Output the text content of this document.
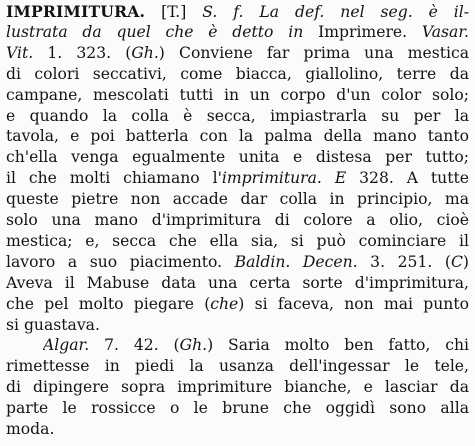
IMPRIMITURA. [T.] S. f. La def. nel seg. è il-
lustrata da quel che è detto in Imprimere. Vasar.
Vit. 1. 323. (Gh.) Conviene far prima una mestica
di colori seccativi, come biacca, giallolino, terre da
campane, mescolati tutti in un corpo d'un color solo;
e quando la colla è secca, impiastrarla su per la
tavola, e poi batterla con la palma della mano tanto
ch'ella venga egualmente unita e distesa per tutto;
il che molti chiamano l'imprimitura. E 328. A tutte
queste pietre non accade dar colla in principio, ma
solo una mano d'imprimitura di colore a olio, cioè
mestica; e, secca che ella sia, si può cominciare il
lavoro a suo piacimento. Baldin. Decen. 3. 251. (C)
Aveva il Mabuse data una certa sorte d'imprimitura,
che pel molto piegare (che) si faceva, non mai punto
si guastava.
Algar. 7. 42. (Gh.) Saria molto ben fatto, chi
rimettesse in piedi la usanza dell'ingessar le tele,
di dipingere sopra imprimiture bianche, e lasciar da
parte le rossicce o le brune che oggidì sono alla
moda.
